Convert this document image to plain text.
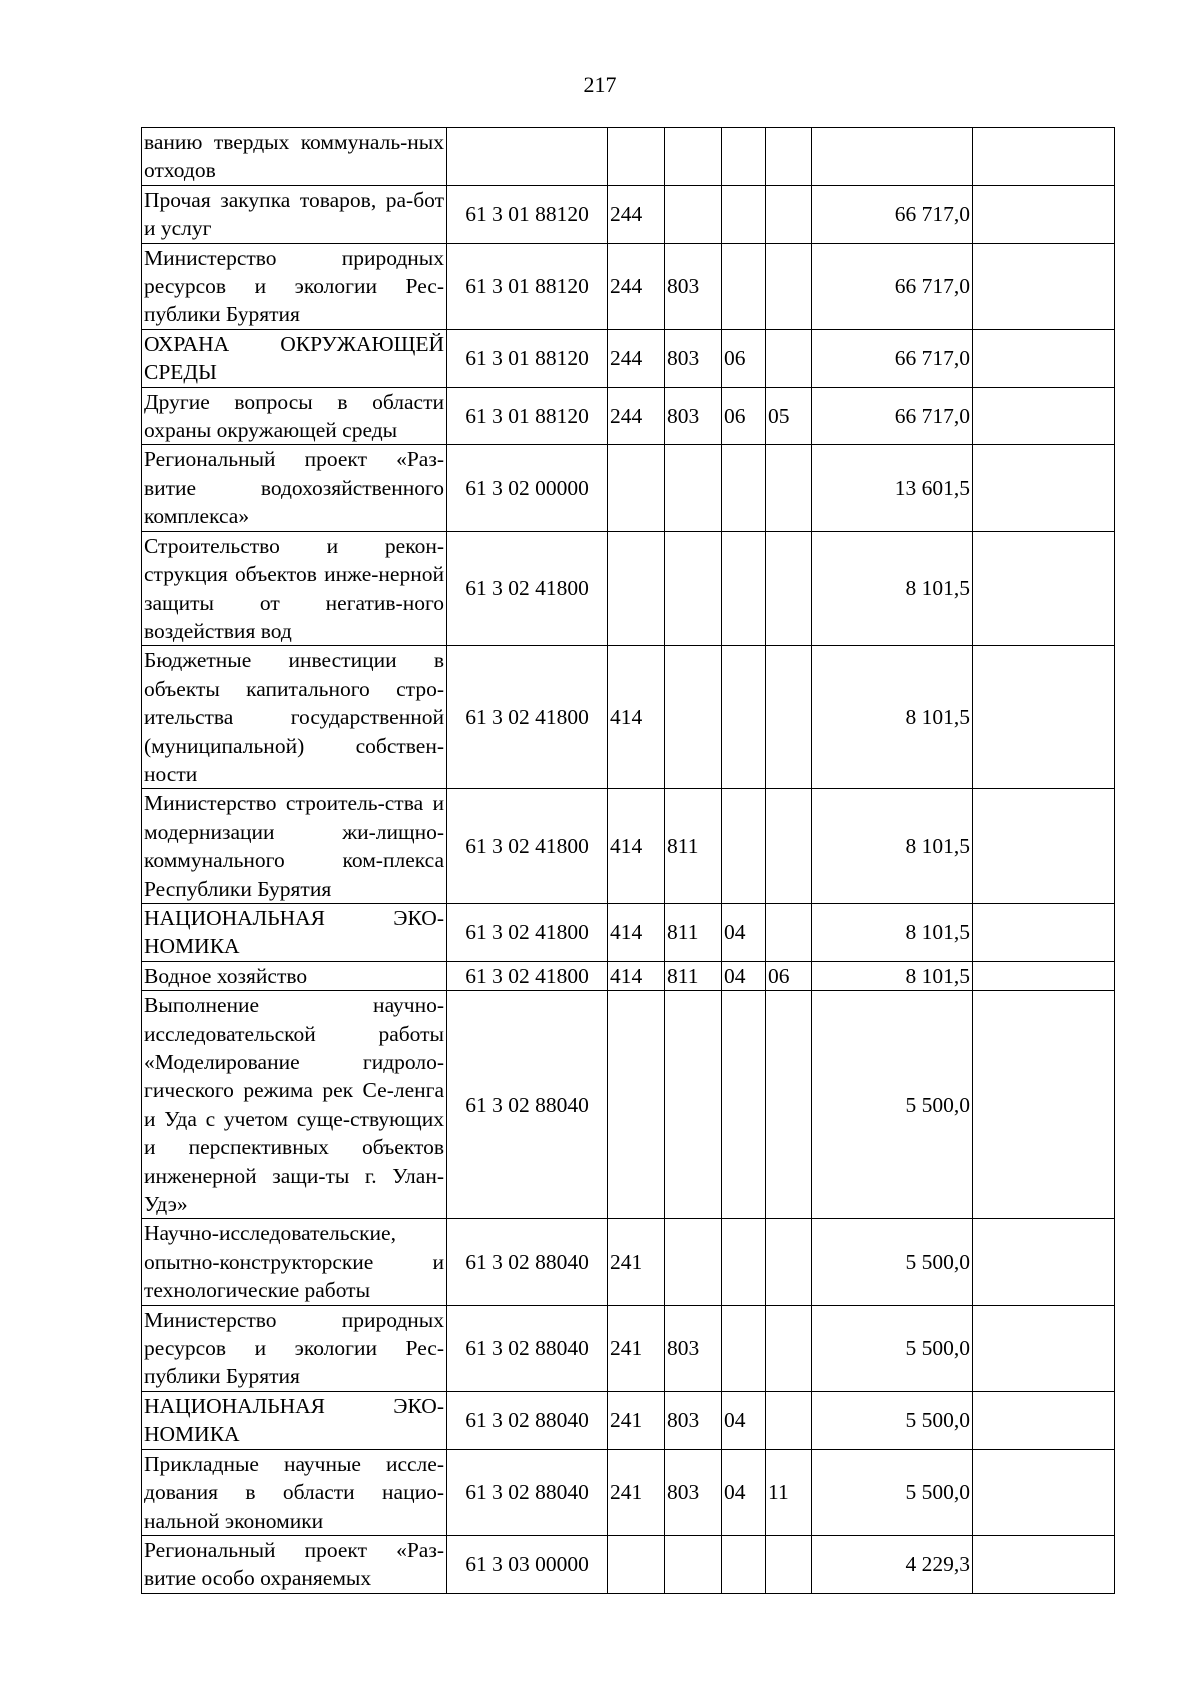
217
ванию твердых коммуналь-ных отходов							
Прочая закупка товаров, ра-бот и услуг	61 3 01 88120	244				66 717,0	
Министерство природных ресурсов и экологии Рес-публики Бурятия	61 3 01 88120	244	803			66 717,0	
ОХРАНА ОКРУЖАЮЩЕЙ СРЕДЫ	61 3 01 88120	244	803	06		66 717,0	
Другие вопросы в области охраны окружающей среды	61 3 01 88120	244	803	06	05	66 717,0	
Региональный проект «Раз-витие водохозяйственного комплекса»	61 3 02 00000					13 601,5	
Строительство и рекон-струкция объектов инже-нерной защиты от негатив-ного воздействия вод	61 3 02 41800					8 101,5	
Бюджетные инвестиции в объекты капитального стро-ительства государственной (муниципальной) собствен-ности	61 3 02 41800	414				8 101,5	
Министерство строитель-ства и модернизации жи-лищно-коммунального ком-плекса Республики Бурятия	61 3 02 41800	414	811			8 101,5	
НАЦИОНАЛЬНАЯ ЭКО-НОМИКА	61 3 02 41800	414	811	04		8 101,5	
Водное хозяйство	61 3 02 41800	414	811	04	06	8 101,5	
Выполнение научно-исследовательской работы «Моделирование гидроло-гического режима рек Се-ленга и Уда с учетом суще-ствующих и перспективных объектов инженерной защи-ты г. Улан-Удэ»	61 3 02 88040					5 500,0	
Научно-исследовательские, опытно-конструкторские и технологические работы	61 3 02 88040	241				5 500,0	
Министерство природных ресурсов и экологии Рес-публики Бурятия	61 3 02 88040	241	803			5 500,0	
НАЦИОНАЛЬНАЯ ЭКО-НОМИКА	61 3 02 88040	241	803	04		5 500,0	
Прикладные научные иссле-дования в области нацио-нальной экономики	61 3 02 88040	241	803	04	11	5 500,0	
Региональный проект «Раз-витие особо охраняемых	61 3 03 00000					4 229,3	
